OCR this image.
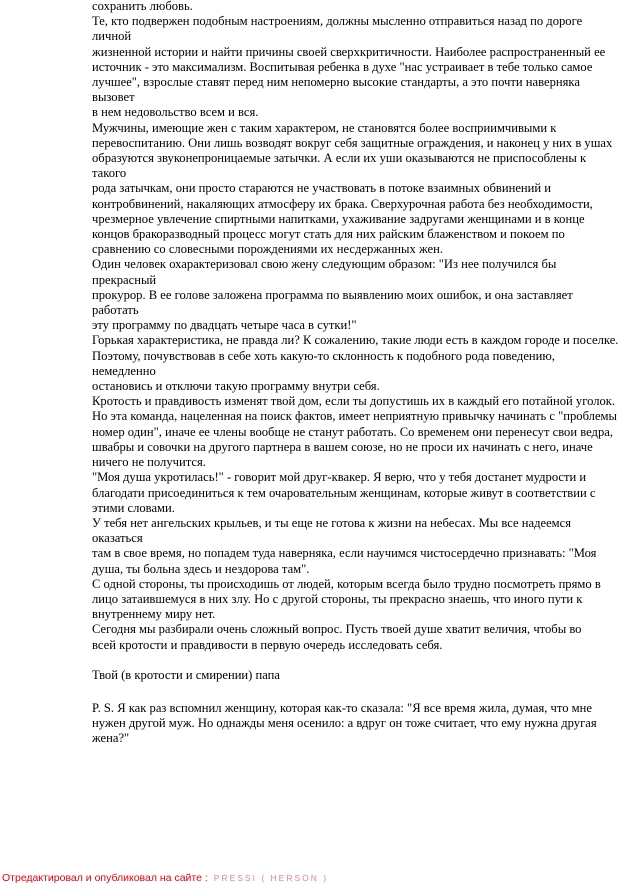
сохранить любовь.

Те, кто подвержен подобным настроениям, должны мысленно отправиться назад по дороге личной
жизненной истории и найти причины своей сверхкритичности. Наиболее распространенный ее
источник - это максимализм. Воспитывая ребенка в духе "нас устраивает в тебе только самое
лучшее", взрослые ставят перед ним непомерно высокие стандарты, а это почти наверняка вызовет
в нем недовольство всем и вся.

Мужчины, имеющие жен с таким характером, не становятся более восприимчивыми к
перевоспитанию. Они лишь возводят вокруг себя защитные ограждения, и наконец у них в ушах
образуются звуконепроницаемые затычки. А если их уши оказываются не приспособлены к такого
рода затычкам, они просто стараются не участвовать в потоке взаимных обвинений и
контробвинений, накаляющих атмосферу их брака. Сверхурочная работа без необходимости,
чрезмерное увлечение спиртными напитками, ухаживание задругами женщинами и в конце
концов бракоразводный процесс могут стать для них райским блаженством и покоем по
сравнению со словесными порождениями их несдержанных жен.

Один человек охарактеризовал свою жену следующим образом: "Из нее получился бы прекрасный
прокурор. В ее голове заложена программа по выявлению моих ошибок, и она заставляет работать
эту программу по двадцать четыре часа в сутки!"

Горькая характеристика, не правда ли? К сожалению, такие люди есть в каждом городе и поселке.
Поэтому, почувствовав в себе хоть какую-то склонность к подобного рода поведению, немедленно
остановись и отключи такую программу внутри себя.

Кротость и правдивость изменят твой дом, если ты допустишь их в каждый его потайной уголок.
Но эта команда, нацеленная на поиск фактов, имеет неприятную привычку начинать с "проблемы
номер один", иначе ее члены вообще не станут работать. Со временем они перенесут свои ведра,
швабры и совочки на другого партнера в вашем союзе, но не проси их начинать с него, иначе
ничего не получится.

"Моя душа укротилась!" - говорит мой друг-квакер. Я верю, что у тебя достанет мудрости и
благодати присоединиться к тем очаровательным женщинам, которые живут в соответствии с
этими словами.

У тебя нет ангельских крыльев, и ты еще не готова к жизни на небесах. Мы все надеемся оказаться
там в свое время, но попадем туда наверняка, если научимся чистосердечно признавать: "Моя
душа, ты больна здесь и нездорова там".

С одной стороны, ты происходишь от людей, которым всегда было трудно посмотреть прямо в
лицо затаившемуся в них злу. Но с другой стороны, ты прекрасно знаешь, что иного пути к
внутреннему миру нет.

Сегодня мы разбирали очень сложный вопрос. Пусть твоей душе хватит величия, чтобы во
всей кротости и правдивости в первую очередь исследовать себя.

Твой (в кротости и смирении) папа

P. S. Я как раз вспомнил женщину, которая как-то сказала: "Я все время жила, думая, что мне
нужен другой муж. Но однажды меня осенило: а вдруг он тоже считает, что ему нужна другая
жена?"

Отредактировал и опубликовал на сайте : PRESSI ( HERSON )
